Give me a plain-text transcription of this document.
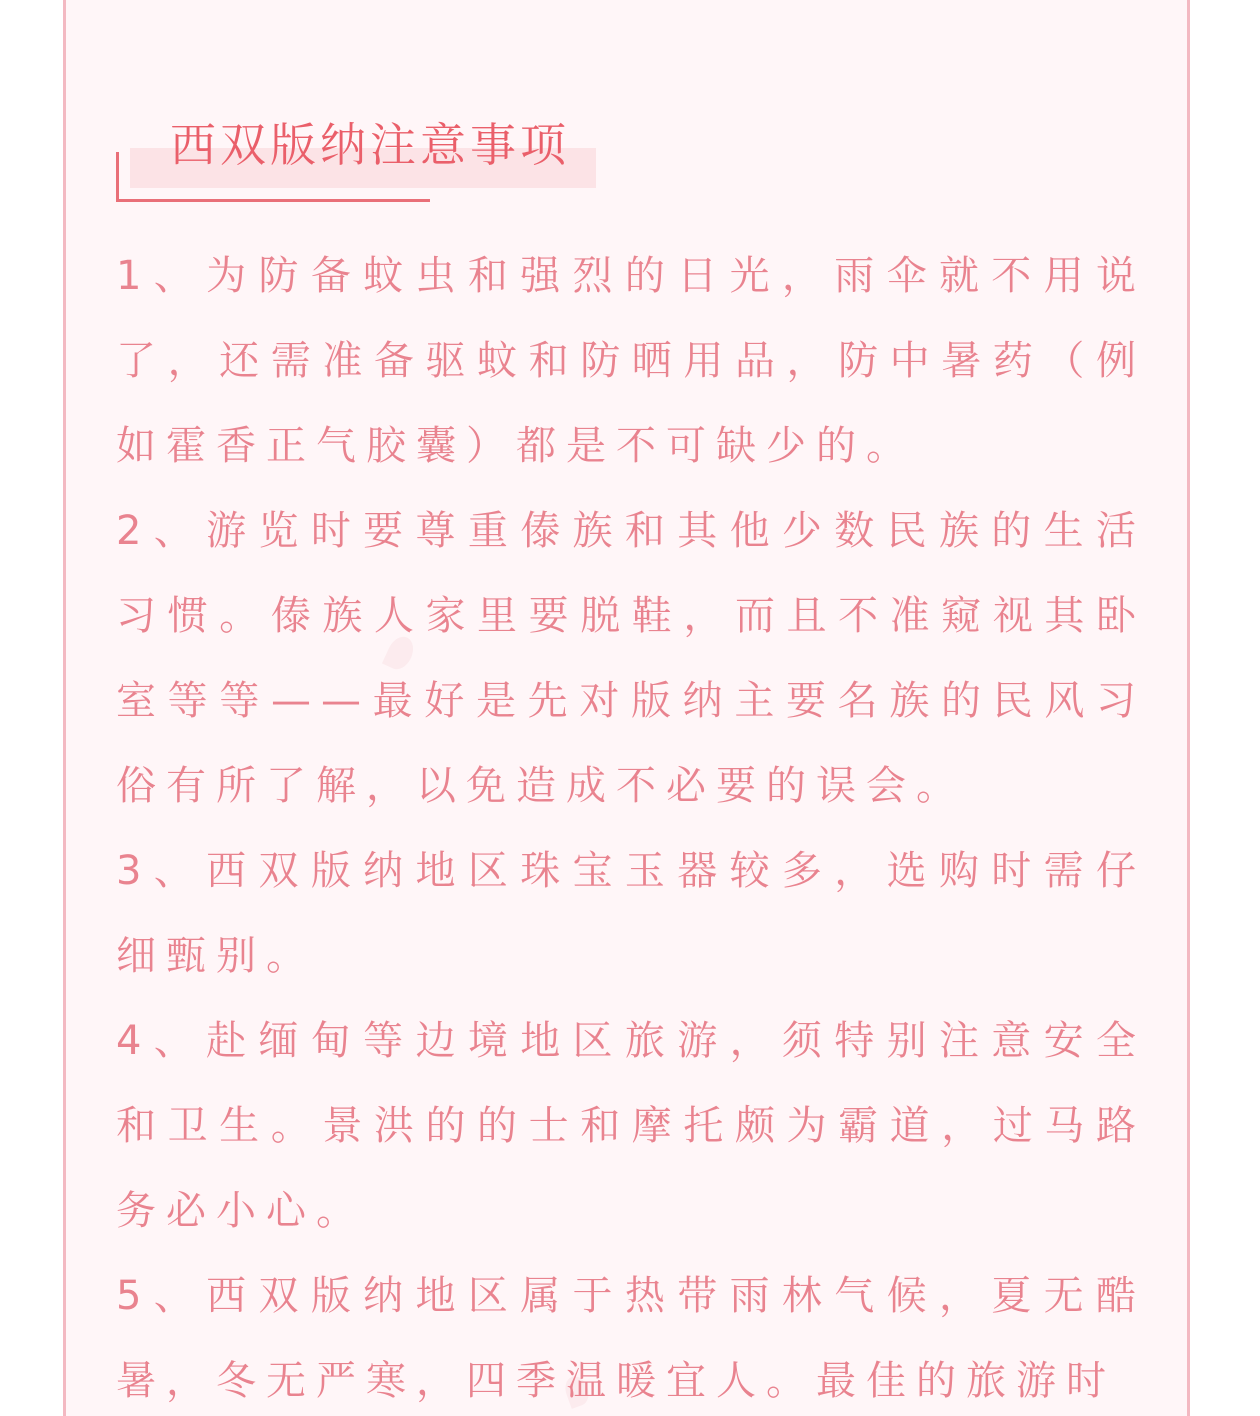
西双版纳注意事项

1、为防备蚊虫和强烈的日光，雨伞就不用说了，还需准备驱蚊和防晒用品，防中暑药（例如霍香正气胶囊）都是不可缺少的。

2、游览时要尊重傣族和其他少数民族的生活习惯。傣族人家里要脱鞋，而且不准窥视其卧室等等——最好是先对版纳主要名族的民风习俗有所了解，以免造成不必要的误会。

3、西双版纳地区珠宝玉器较多，选购时需仔细甄别。

4、赴缅甸等边境地区旅游，须特别注意安全和卫生。景洪的的士和摩托颇为霸道，过马路务必小心。

5、西双版纳地区属于热带雨林气候，夏无酷暑，冬无严寒，四季温暖宜人。最佳的旅游时
